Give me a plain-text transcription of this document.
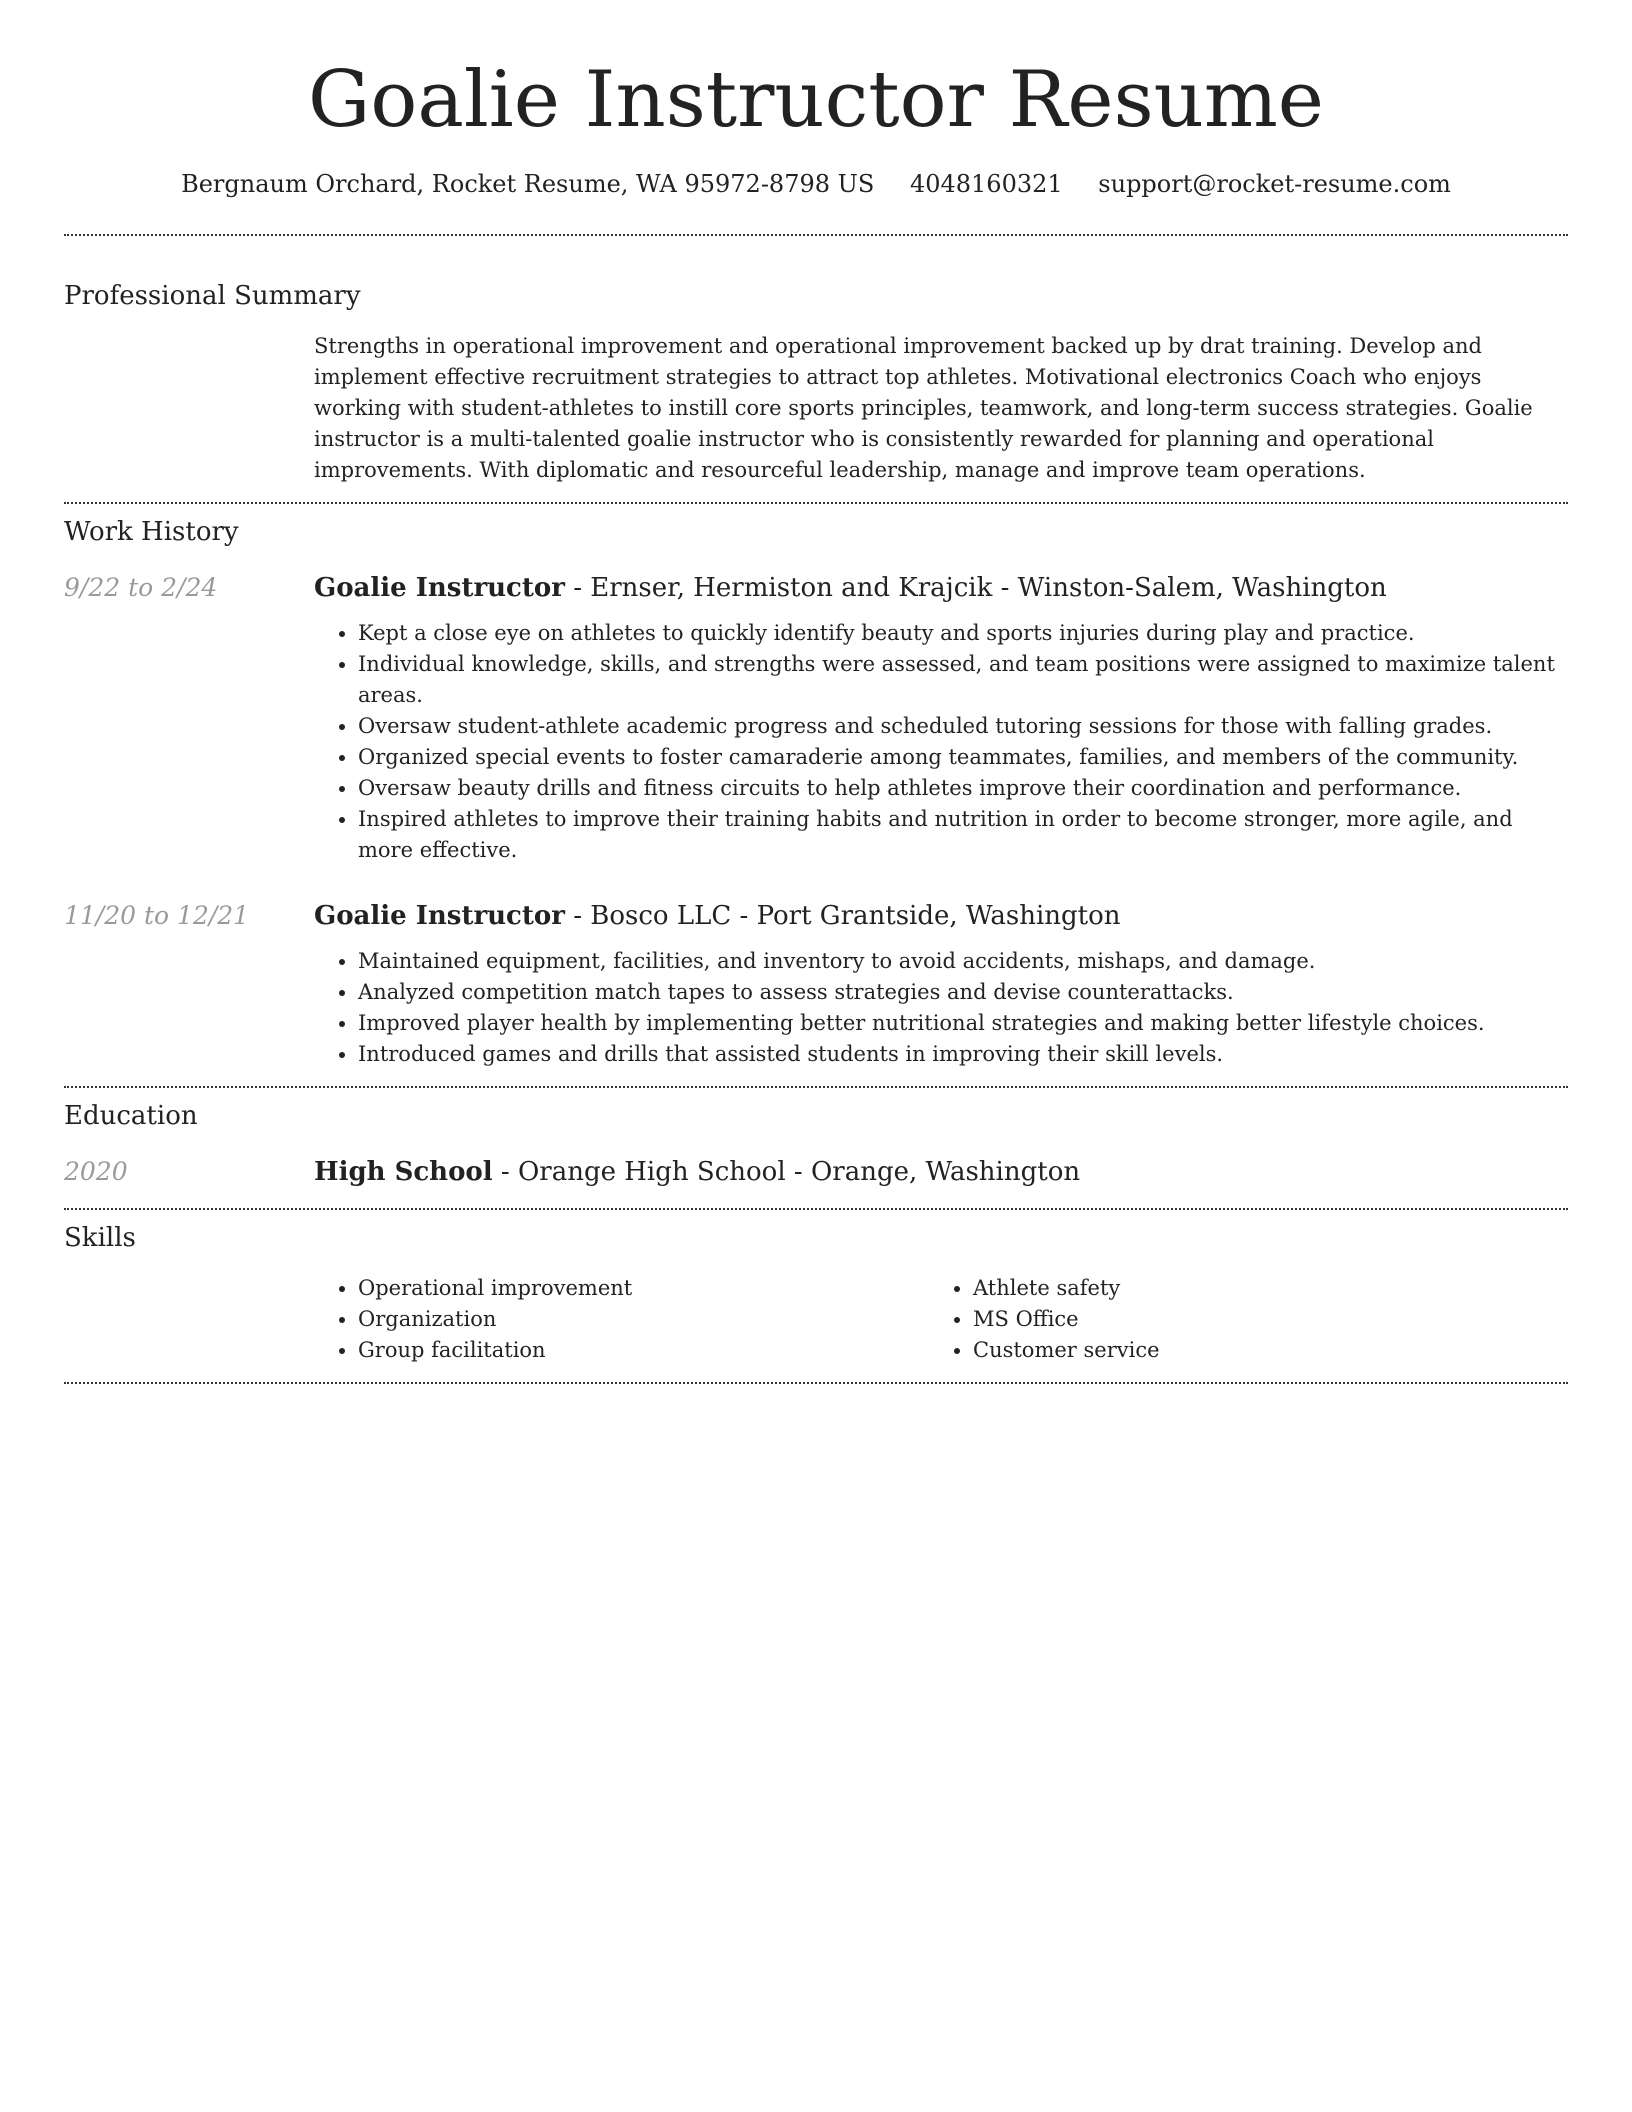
Goalie Instructor Resume
Bergnaum Orchard, Rocket Resume, WA 95972-8798 US 4048160321 support@rocket-resume.com
Professional Summary
Strengths in operational improvement and operational improvement backed up by drat training. Develop and implement effective recruitment strategies to attract top athletes. Motivational electronics Coach who enjoys working with student-athletes to instill core sports principles, teamwork, and long-term success strategies. Goalie instructor is a multi-talented goalie instructor who is consistently rewarded for planning and operational improvements. With diplomatic and resourceful leadership, manage and improve team operations.
Work History
9/22 to 2/24	Goalie Instructor - Ernser, Hermiston and Krajcik - Winston-Salem, Washington
• Kept a close eye on athletes to quickly identify beauty and sports injuries during play and practice.
• Individual knowledge, skills, and strengths were assessed, and team positions were assigned to maximize talent areas.
• Oversaw student-athlete academic progress and scheduled tutoring sessions for those with falling grades.
• Organized special events to foster camaraderie among teammates, families, and members of the community.
• Oversaw beauty drills and fitness circuits to help athletes improve their coordination and performance.
• Inspired athletes to improve their training habits and nutrition in order to become stronger, more agile, and more effective.
11/20 to 12/21	Goalie Instructor - Bosco LLC - Port Grantside, Washington
• Maintained equipment, facilities, and inventory to avoid accidents, mishaps, and damage.
• Analyzed competition match tapes to assess strategies and devise counterattacks.
• Improved player health by implementing better nutritional strategies and making better lifestyle choices.
• Introduced games and drills that assisted students in improving their skill levels.
Education
2020	High School - Orange High School - Orange, Washington
Skills
• Operational improvement
• Organization
• Group facilitation
• Athlete safety
• MS Office
• Customer service
